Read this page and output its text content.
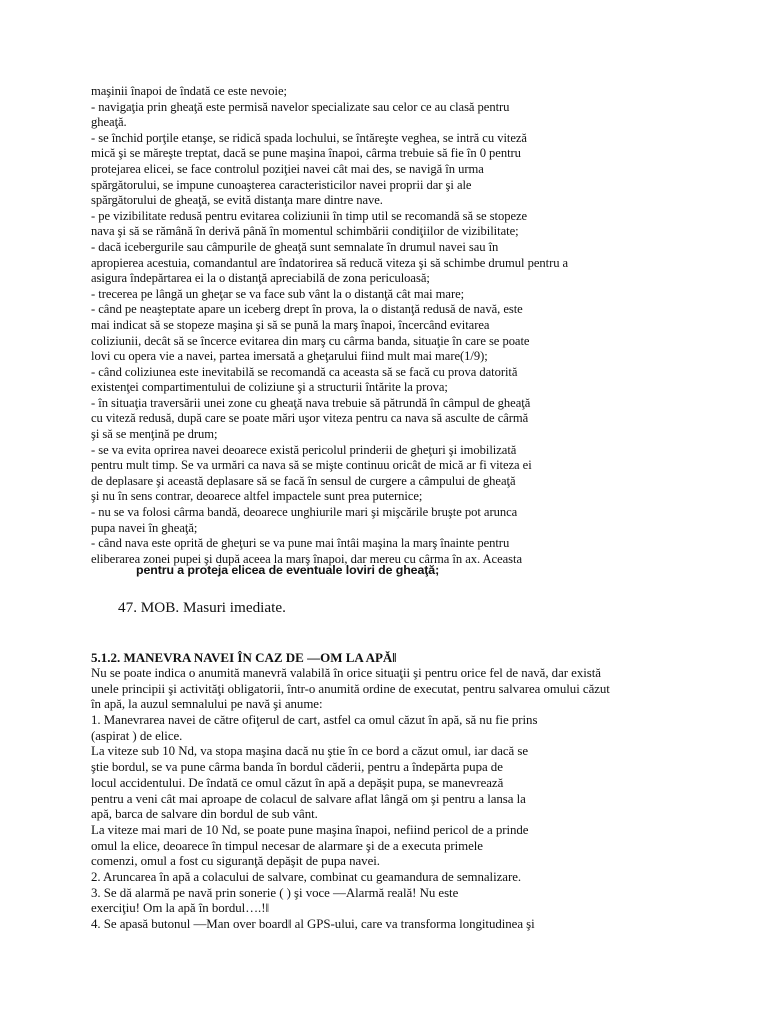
maşinii înapoi de îndată ce este nevoie;
- navigaţia prin gheaţă este permisă navelor specializate sau celor ce au clasă pentru
gheaţă.
- se închid porţile etanşe, se ridică spada lochului, se întăreşte veghea, se intră cu viteză
mică şi se măreşte treptat, dacă se pune maşina înapoi, cârma trebuie să fie în 0 pentru
protejarea elicei, se face controlul poziţiei navei cât mai des, se navigă în urma
spărgătorului, se impune cunoaşterea caracteristicilor navei proprii dar şi ale
spărgătorului de gheaţă, se evită distanţa mare dintre nave.
- pe vizibilitate redusă pentru evitarea coliziunii în timp util se recomandă să se stopeze
nava şi să se rămână în derivă până în momentul schimbării condiţiilor de vizibilitate;
- dacă icebergurile sau câmpurile de gheaţă sunt semnalate în drumul navei sau în
apropierea acestuia, comandantul are îndatorirea să reducă viteza şi să schimbe drumul pentru a
asigura îndepărtarea ei la o distanţă apreciabilă de zona periculoasă;
- trecerea pe lângă un gheţar se va face sub vânt la o distanţă cât mai mare;
- când pe neaşteptate apare un iceberg drept în prova, la o distanţă redusă de navă, este
mai indicat să se stopeze maşina şi să se pună la marş înapoi, încercând evitarea
coliziunii, decât să se încerce evitarea din marş cu cârma banda, situaţie în care se poate
lovi cu opera vie a navei, partea imersată a gheţarului fiind mult mai mare(1/9);
- când coliziunea este inevitabilă se recomandă ca aceasta să se facă cu prova datorită
existenţei compartimentului de coliziune şi a structurii întărite la prova;
- în situaţia traversării unei zone cu gheaţă nava trebuie să pătrundă în câmpul de gheaţă
cu viteză redusă, după care se poate mări uşor viteza pentru ca nava să asculte de cârmă
şi să se menţină pe drum;
- se va evita oprirea navei deoarece există pericolul prinderii de gheţuri şi imobilizată
pentru mult timp. Se va urmări ca nava să se mişte continuu oricât de mică ar fi viteza ei
de deplasare şi această deplasare să se facă în sensul de curgere a câmpului de gheaţă
şi nu în sens contrar, deoarece altfel impactele sunt prea puternice;
- nu se va folosi cârma bandă, deoarece unghiurile mari şi mişcările bruşte pot arunca
pupa navei în gheaţă;
- când nava este oprită de gheţuri se va pune mai întâi maşina la marş înainte pentru
eliberarea zonei pupei şi după aceea la marş înapoi, dar mereu cu cârma în ax. Aceasta
pentru a proteja elicea de eventuale loviri de gheaţă;
47. MOB. Masuri imediate.
5.1.2. MANEVRA NAVEI ÎN CAZ DE ―OM LA APĂ‖
Nu se poate indica o anumită manevră valabilă în orice situaţii şi pentru orice fel de navă, dar există
unele principii şi activităţi obligatorii, într-o anumită ordine de executat, pentru salvarea omului căzut
în apă, la auzul semnalului pe navă şi anume:
1. Manevrarea navei de către ofiţerul de cart, astfel ca omul căzut în apă, să nu fie prins
(aspirat ) de elice.
La viteze sub 10 Nd, va stopa maşina dacă nu ştie în ce bord a căzut omul, iar dacă se
ştie bordul, se va pune cârma banda în bordul căderii, pentru a îndepărta pupa de
locul accidentului. De îndată ce omul căzut în apă a depăşit pupa, se manevrează
pentru a veni cât mai aproape de colacul de salvare aflat lângă om şi pentru a lansa la
apă, barca de salvare din bordul de sub vânt.
La viteze mai mari de 10 Nd, se poate pune maşina înapoi, nefiind pericol de a prinde
omul la elice, deoarece în timpul necesar de alarmare şi de a executa primele
comenzi, omul a fost cu siguranţă depăşit de pupa navei.
2. Aruncarea în apă a colacului de salvare, combinat cu geamandura de semnalizare.
3. Se dă alarmă pe navă prin sonerie ( ) şi voce ―Alarmă reală! Nu este
exerciţiu! Om la apă în bordul….!‖
4. Se apasă butonul ―Man over board‖ al GPS-ului, care va transforma longitudinea şi
